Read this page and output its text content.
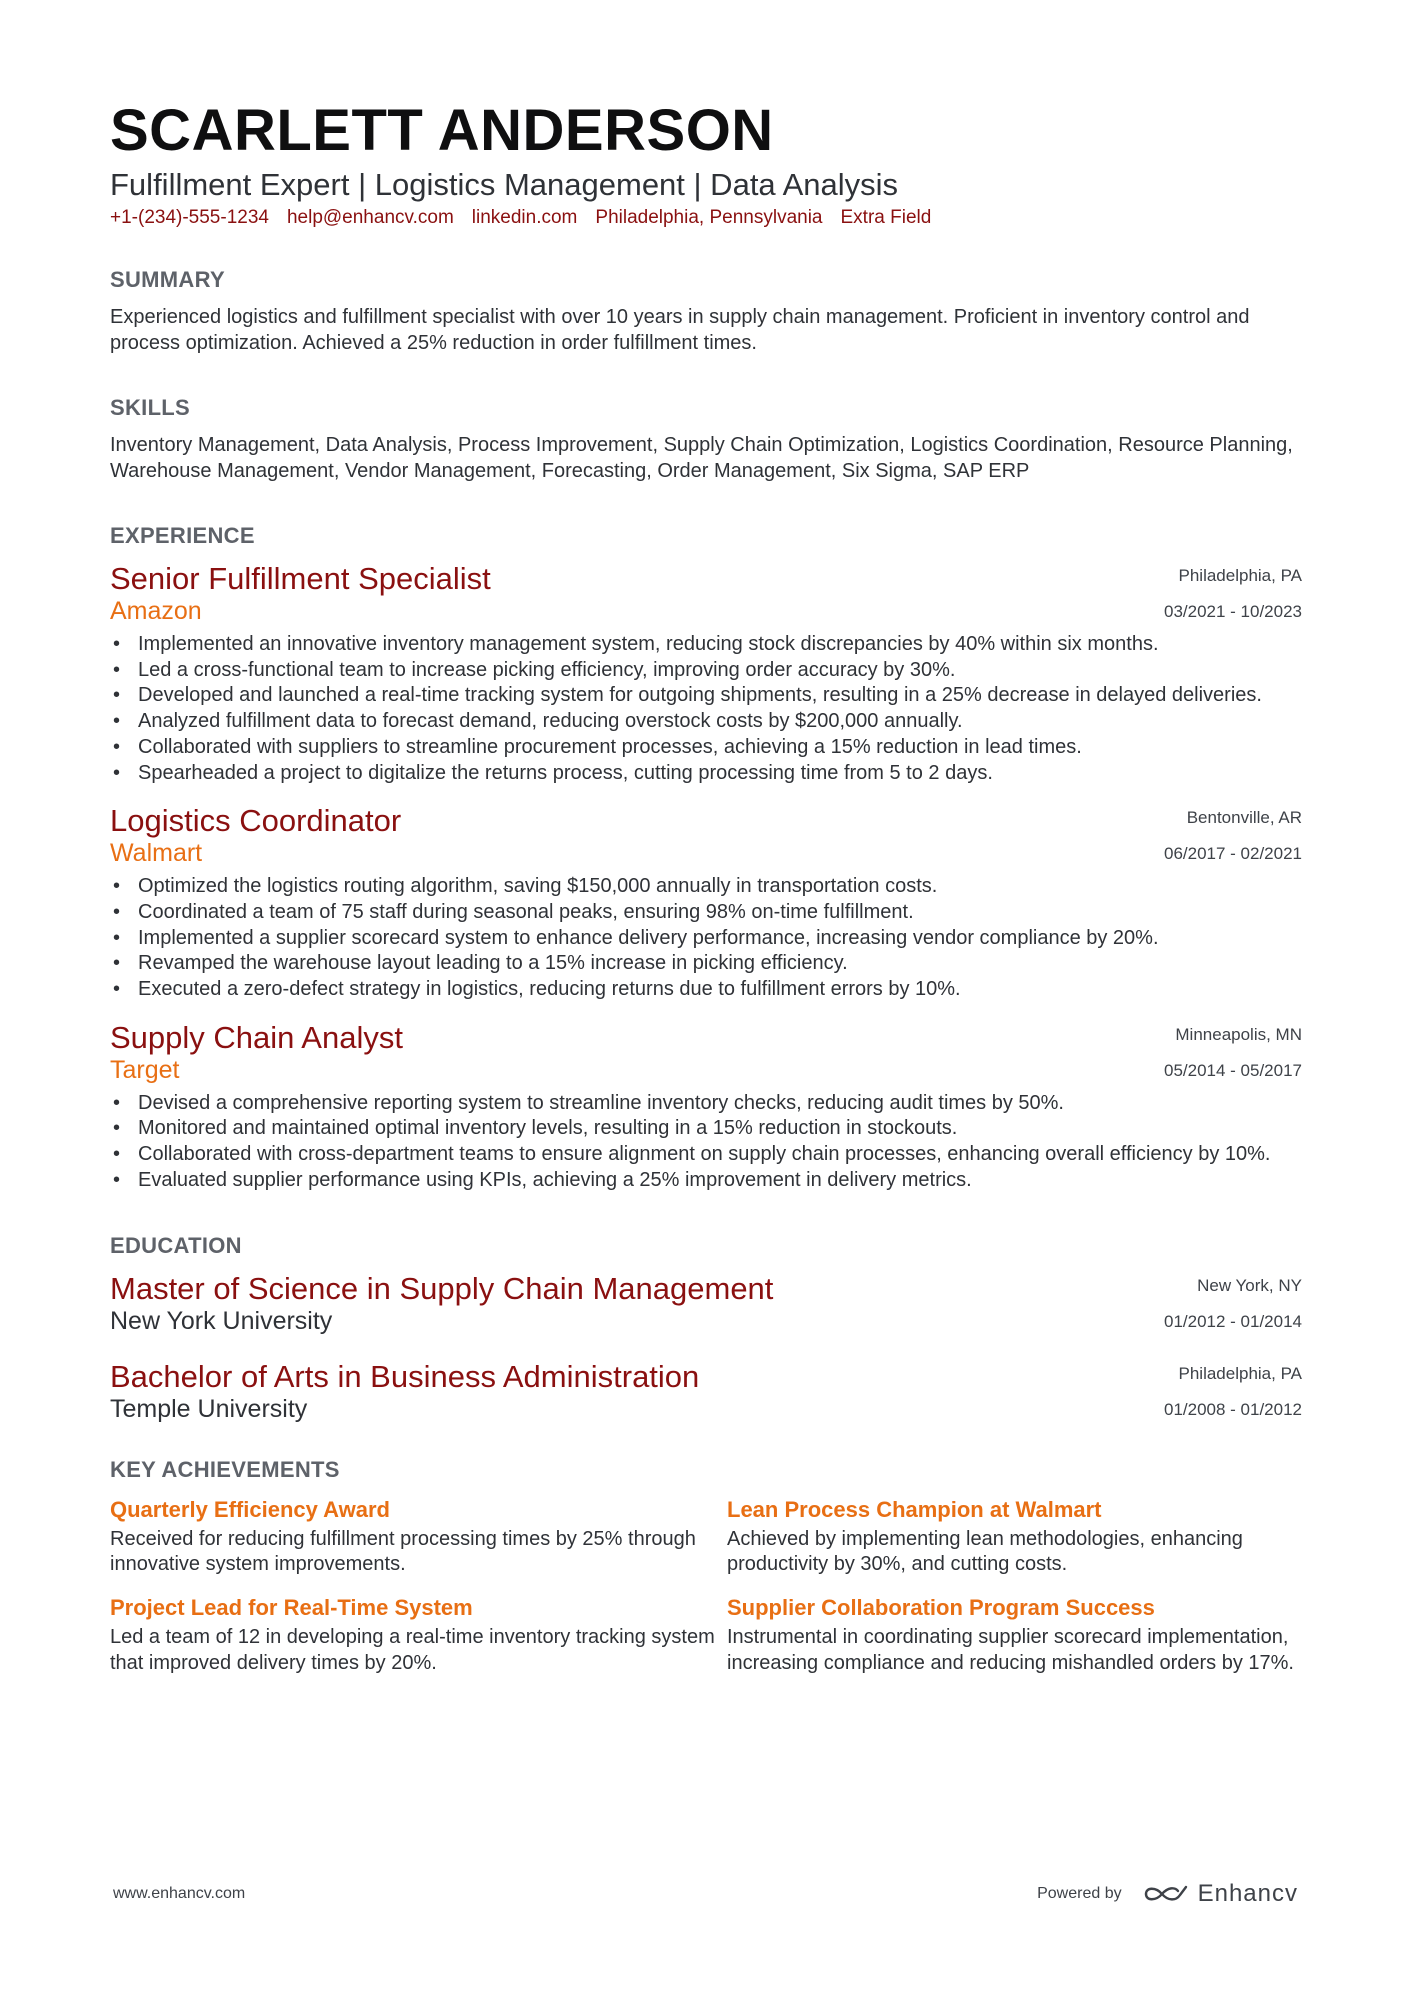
SCARLETT ANDERSON
Fulfillment Expert | Logistics Management | Data Analysis
+1-(234)-555-1234 help@enhancv.com linkedin.com Philadelphia, Pennsylvania Extra Field
SUMMARY
Experienced logistics and fulfillment specialist with over 10 years in supply chain management. Proficient in inventory control and process optimization. Achieved a 25% reduction in order fulfillment times.
SKILLS
Inventory Management, Data Analysis, Process Improvement, Supply Chain Optimization, Logistics Coordination, Resource Planning, Warehouse Management, Vendor Management, Forecasting, Order Management, Six Sigma, SAP ERP
EXPERIENCE
Senior Fulfillment Specialist
Amazon
Philadelphia, PA
03/2021 - 10/2023
• Implemented an innovative inventory management system, reducing stock discrepancies by 40% within six months.
• Led a cross-functional team to increase picking efficiency, improving order accuracy by 30%.
• Developed and launched a real-time tracking system for outgoing shipments, resulting in a 25% decrease in delayed deliveries.
• Analyzed fulfillment data to forecast demand, reducing overstock costs by $200,000 annually.
• Collaborated with suppliers to streamline procurement processes, achieving a 15% reduction in lead times.
• Spearheaded a project to digitalize the returns process, cutting processing time from 5 to 2 days.
Logistics Coordinator
Walmart
Bentonville, AR
06/2017 - 02/2021
• Optimized the logistics routing algorithm, saving $150,000 annually in transportation costs.
• Coordinated a team of 75 staff during seasonal peaks, ensuring 98% on-time fulfillment.
• Implemented a supplier scorecard system to enhance delivery performance, increasing vendor compliance by 20%.
• Revamped the warehouse layout leading to a 15% increase in picking efficiency.
• Executed a zero-defect strategy in logistics, reducing returns due to fulfillment errors by 10%.
Supply Chain Analyst
Target
Minneapolis, MN
05/2014 - 05/2017
• Devised a comprehensive reporting system to streamline inventory checks, reducing audit times by 50%.
• Monitored and maintained optimal inventory levels, resulting in a 15% reduction in stockouts.
• Collaborated with cross-department teams to ensure alignment on supply chain processes, enhancing overall efficiency by 10%.
• Evaluated supplier performance using KPIs, achieving a 25% improvement in delivery metrics.
EDUCATION
Master of Science in Supply Chain Management
New York University
New York, NY
01/2012 - 01/2014
Bachelor of Arts in Business Administration
Temple University
Philadelphia, PA
01/2008 - 01/2012
KEY ACHIEVEMENTS
Quarterly Efficiency Award
Received for reducing fulfillment processing times by 25% through innovative system improvements.
Lean Process Champion at Walmart
Achieved by implementing lean methodologies, enhancing productivity by 30%, and cutting costs.
Project Lead for Real-Time System
Led a team of 12 in developing a real-time inventory tracking system that improved delivery times by 20%.
Supplier Collaboration Program Success
Instrumental in coordinating supplier scorecard implementation, increasing compliance and reducing mishandled orders by 17%.
www.enhancv.com	Powered by	Enhancv
